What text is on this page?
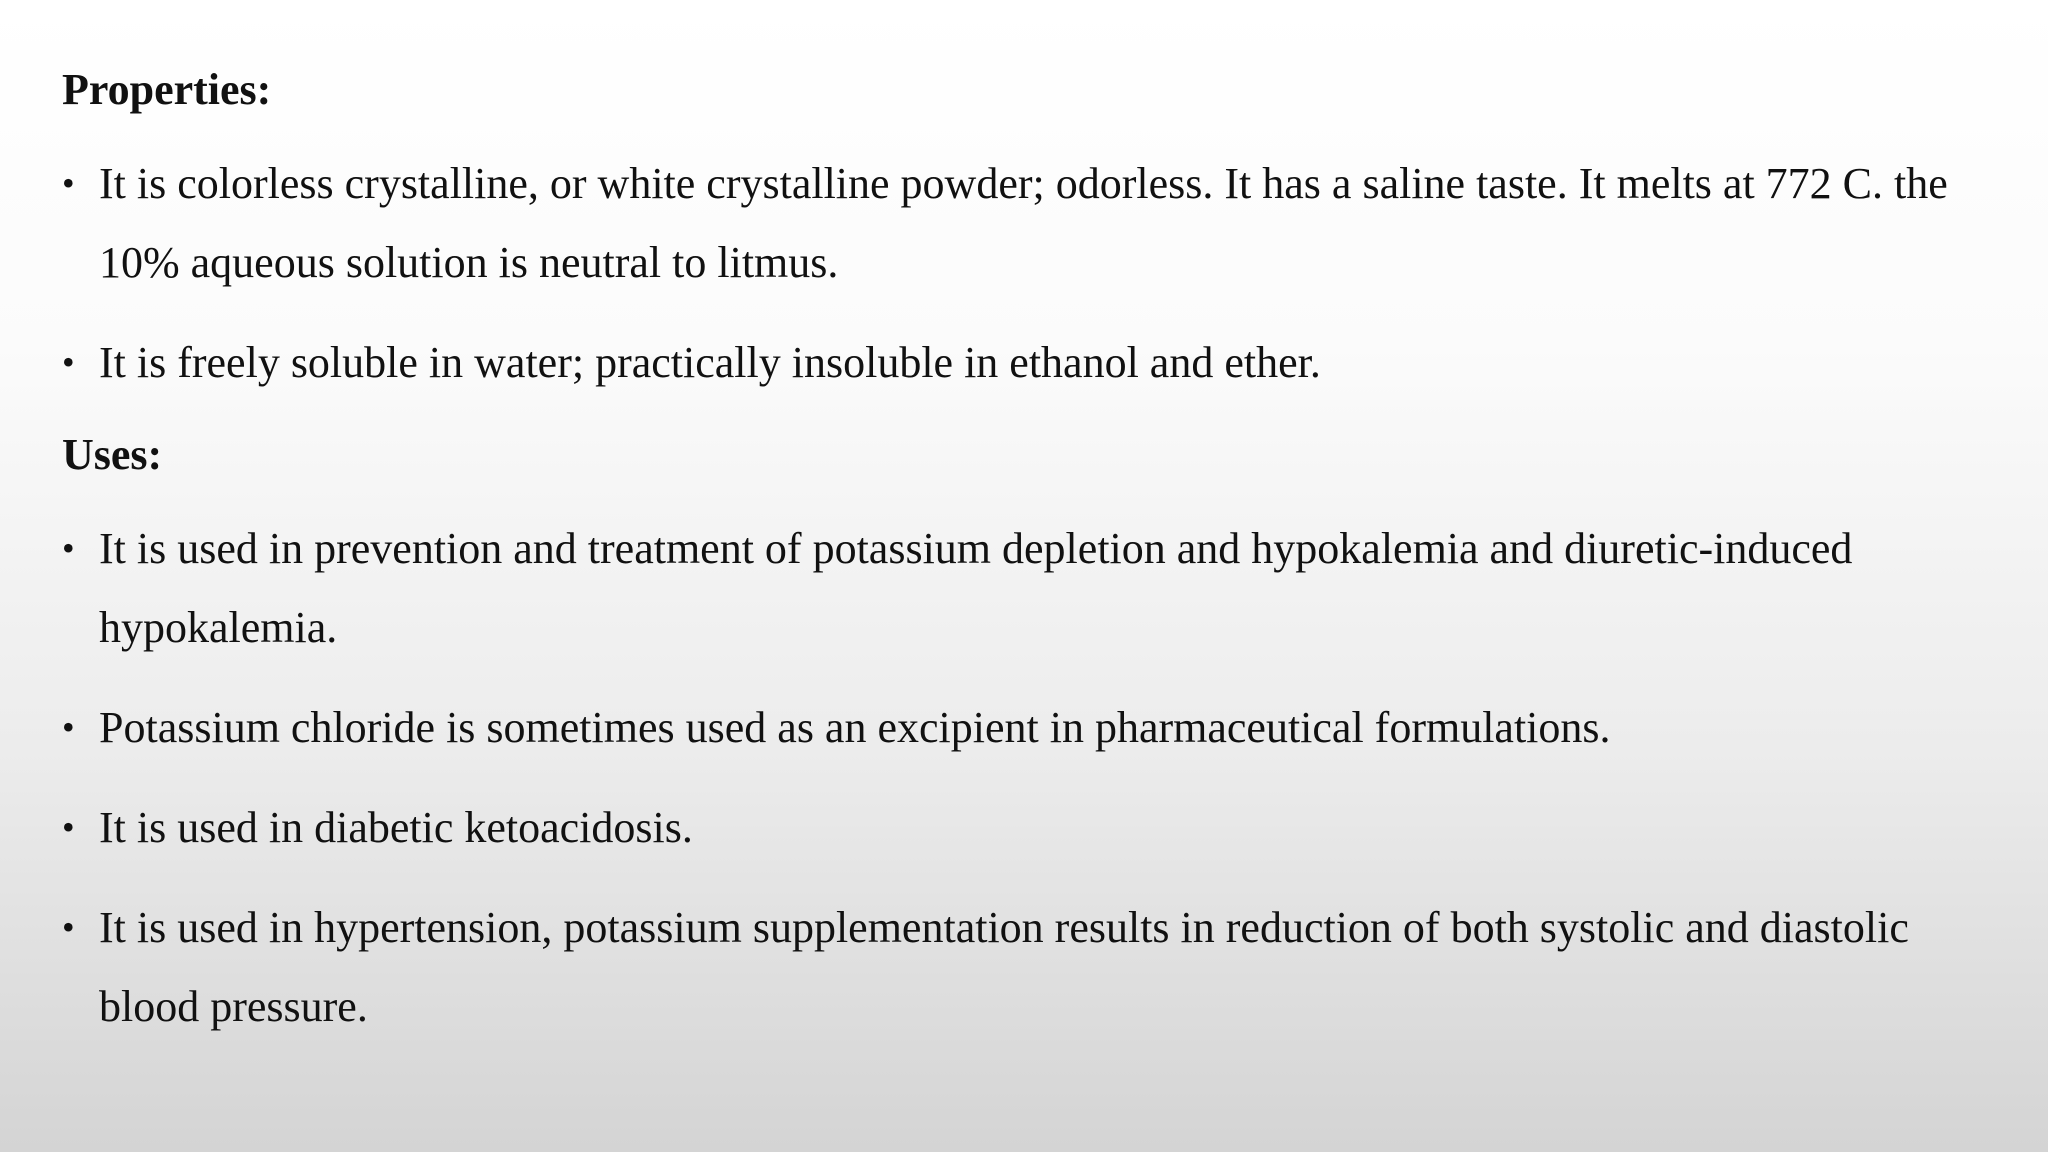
Properties:
• It is colorless crystalline, or white crystalline powder; odorless. It has a saline taste. It melts at 772 C. the 10% aqueous solution is neutral to litmus.
• It is freely soluble in water; practically insoluble in ethanol and ether.
Uses:
• It is used in prevention and treatment of potassium depletion and hypokalemia and diuretic-induced hypokalemia.
• Potassium chloride is sometimes used as an excipient in pharmaceutical formulations.
• It is used in diabetic ketoacidosis.
• It is used in hypertension, potassium supplementation results in reduction of both systolic and diastolic blood pressure.
